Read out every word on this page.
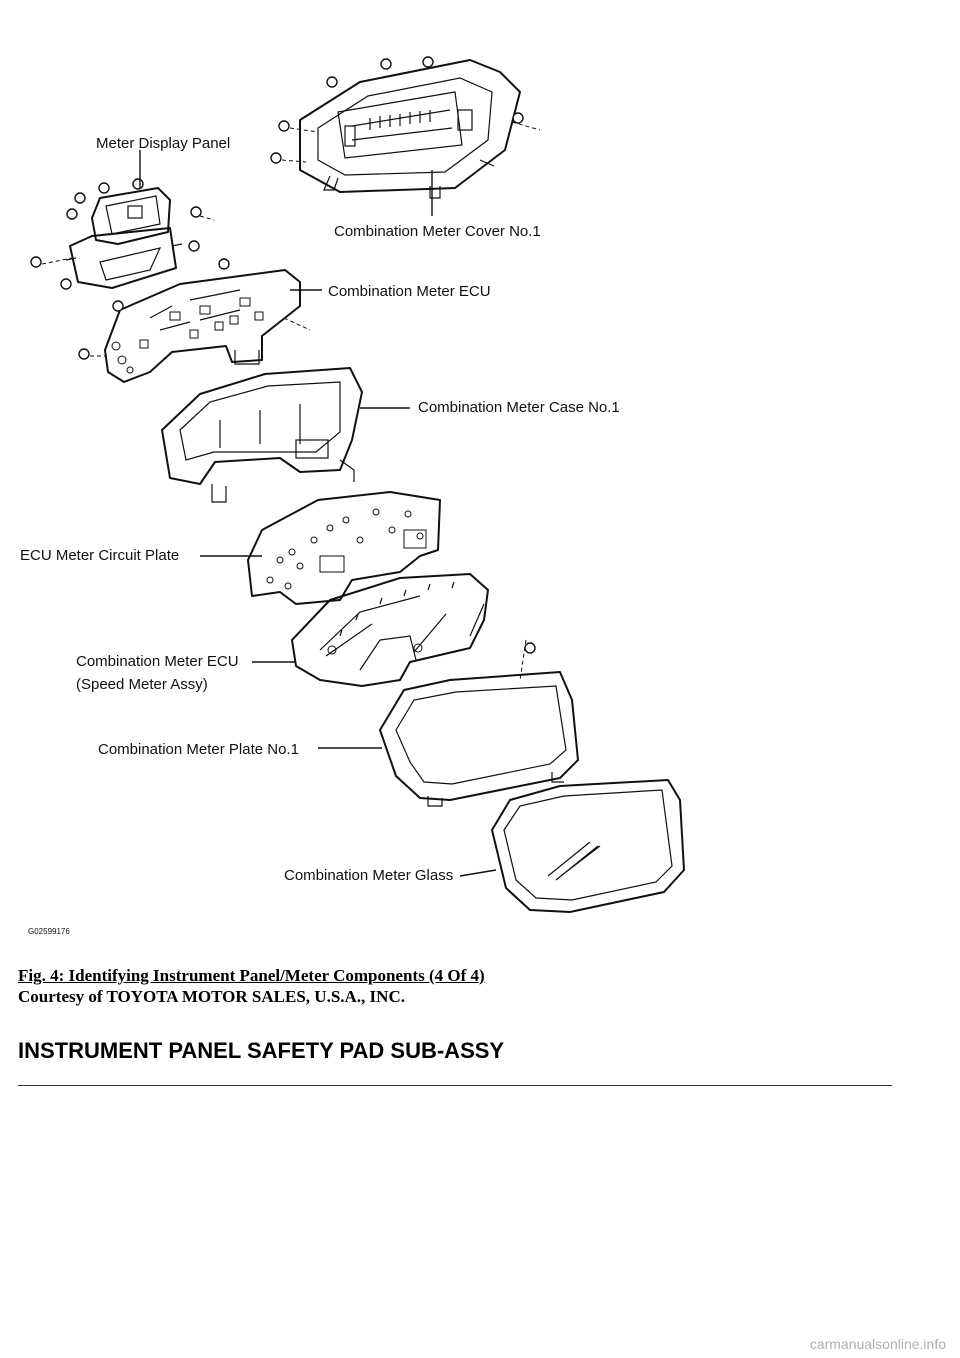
Meter Display Panel
Combination Meter Cover No.1
Combination Meter ECU
Combination Meter Case No.1
ECU Meter Circuit Plate
Combination Meter ECU
(Speed Meter Assy)
Combination Meter Plate No.1
Combination Meter Glass
G02599176

Fig. 4: Identifying Instrument Panel/Meter Components (4 Of 4)

Courtesy of TOYOTA MOTOR SALES, U.S.A., INC.

INSTRUMENT PANEL SAFETY PAD SUB-ASSY
carmanualsonline.info
